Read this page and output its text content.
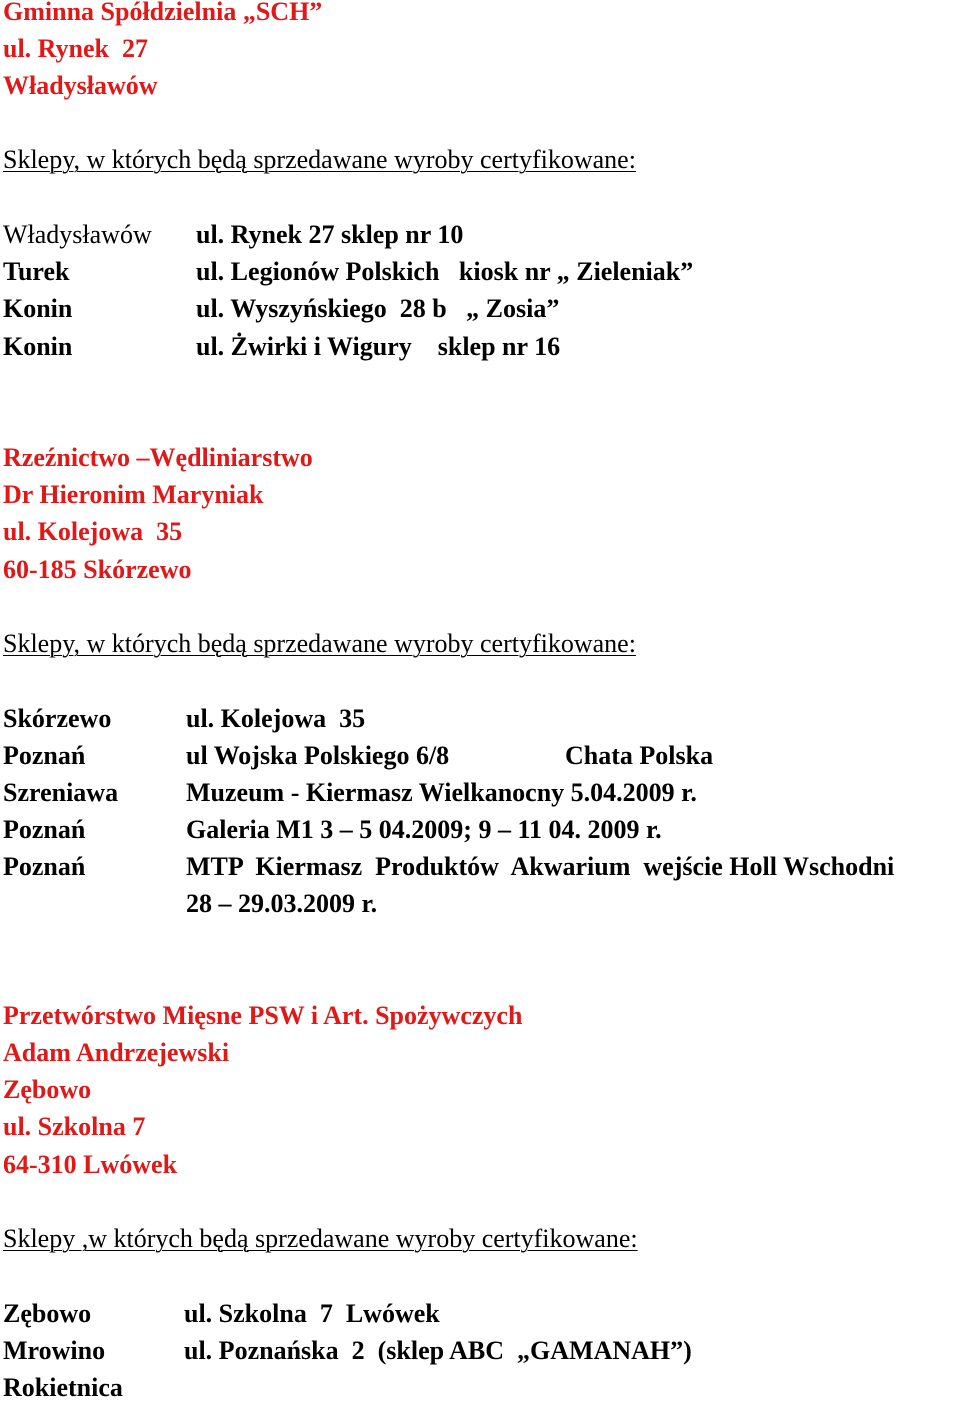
Gminna Spółdzielnia „SCH”
ul. Rynek  27
Władysławów
Sklepy, w których będą sprzedawane wyroby certyfikowane:
Władysławów ul. Rynek 27 sklep nr 10
Turek	ul. Legionów Polskich   kiosk nr „ Zieleniak”
Konin	ul. Wyszyńskiego  28 b   „ Zosia”
Konin	ul. Żwirki i Wigury    sklep nr 16
Rzeźnictwo –Wędliniarstwo
Dr Hieronim Maryniak
ul. Kolejowa  35
60-185 Skórzewo
Sklepy, w których będą sprzedawane wyroby certyfikowane:
Skórzewo	ul. Kolejowa  35
Poznań	ul Wojska Polskiego 6/8	Chata Polska
Szreniawa	Muzeum - Kiermasz Wielkanocny 5.04.2009 r.
Poznań	Galeria M1 3 – 5 04.2009; 9 – 11 04. 2009 r.
Poznań	MTP  Kiermasz  Produktów  Akwarium  wejście Holl Wschodni
28 – 29.03.2009 r.
Przetwórstwo Mięsne PSW i Art. Spożywczych
Adam Andrzejewski
Zębowo
ul. Szkolna 7
64-310 Lwówek
Sklepy ,w których będą sprzedawane wyroby certyfikowane:
Zębowo	ul. Szkolna  7  Lwówek
Mrowino	ul. Poznańska  2  (sklep ABC  „GAMANAH”)
Rokietnica
